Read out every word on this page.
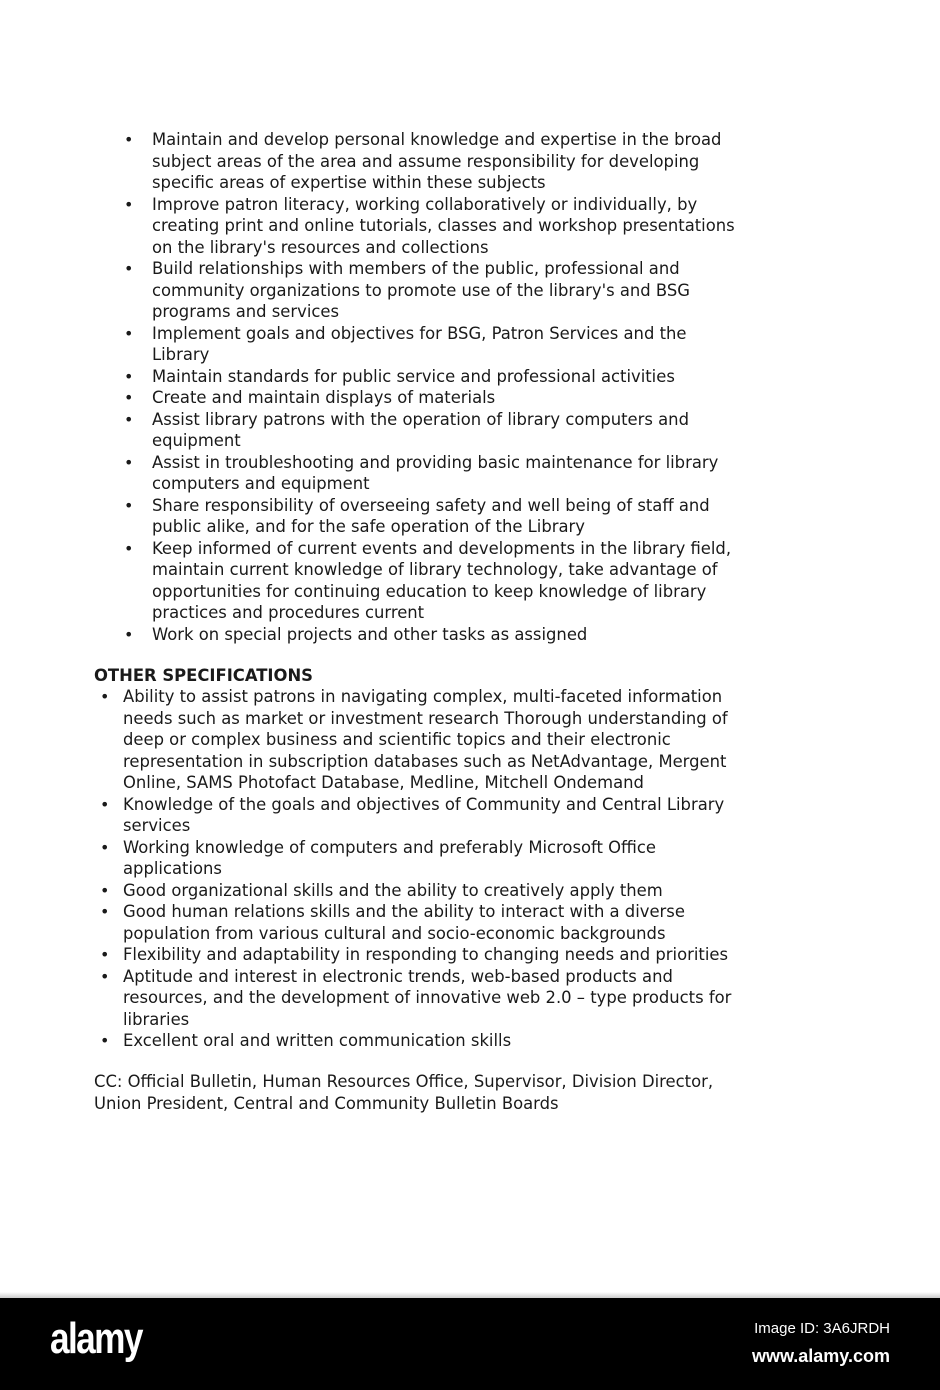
• Maintain and develop personal knowledge and expertise in the broad
subject areas of the area and assume responsibility for developing
specific areas of expertise within these subjects
• Improve patron literacy, working collaboratively or individually, by
creating print and online tutorials, classes and workshop presentations
on the library's resources and collections
• Build relationships with members of the public, professional and
community organizations to promote use of the library's and BSG
programs and services
• Implement goals and objectives for BSG, Patron Services and the
Library
• Maintain standards for public service and professional activities
• Create and maintain displays of materials
• Assist library patrons with the operation of library computers and
equipment
• Assist in troubleshooting and providing basic maintenance for library
computers and equipment
• Share responsibility of overseeing safety and well being of staff and
public alike, and for the safe operation of the Library
• Keep informed of current events and developments in the library field,
maintain current knowledge of library technology, take advantage of
opportunities for continuing education to keep knowledge of library
practices and procedures current
• Work on special projects and other tasks as assigned
OTHER SPECIFICATIONS
• Ability to assist patrons in navigating complex, multi-faceted information
needs such as market or investment research Thorough understanding of
deep or complex business and scientific topics and their electronic
representation in subscription databases such as NetAdvantage, Mergent
Online, SAMS Photofact Database, Medline, Mitchell Ondemand
• Knowledge of the goals and objectives of Community and Central Library
services
• Working knowledge of computers and preferably Microsoft Office
applications
• Good organizational skills and the ability to creatively apply them
• Good human relations skills and the ability to interact with a diverse
population from various cultural and socio-economic backgrounds
• Flexibility and adaptability in responding to changing needs and priorities
• Aptitude and interest in electronic trends, web-based products and
resources, and the development of innovative web 2.0 – type products for
libraries
• Excellent oral and written communication skills
CC: Official Bulletin, Human Resources Office, Supervisor, Division Director,
Union President, Central and Community Bulletin Boards
alamy	Image ID: 3A6JRDH
www.alamy.com
